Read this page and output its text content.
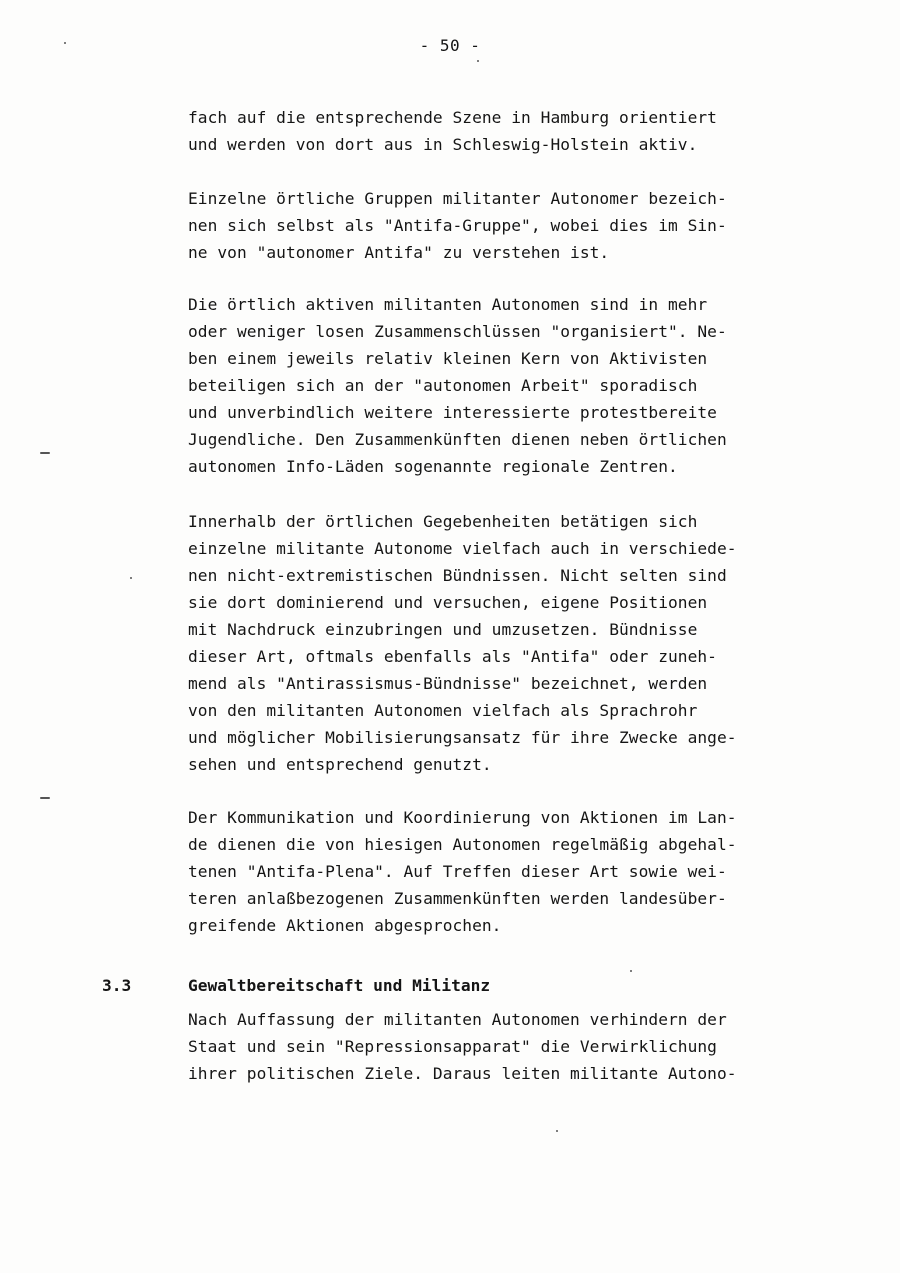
- 50 -
fach auf die entsprechende Szene in Hamburg orientiert
und werden von dort aus in Schleswig-Holstein aktiv.
Einzelne örtliche Gruppen militanter Autonomer bezeich-
nen sich selbst als "Antifa-Gruppe", wobei dies im Sin-
ne von "autonomer Antifa" zu verstehen ist.
Die örtlich aktiven militanten Autonomen sind in mehr
oder weniger losen Zusammenschlüssen "organisiert". Ne-
ben einem jeweils relativ kleinen Kern von Aktivisten
beteiligen sich an der "autonomen Arbeit" sporadisch
und unverbindlich weitere interessierte protestbereite
Jugendliche. Den Zusammenkünften dienen neben örtlichen
autonomen Info-Läden sogenannte regionale Zentren.
Innerhalb der örtlichen Gegebenheiten betätigen sich
einzelne militante Autonome vielfach auch in verschiede-
nen nicht-extremistischen Bündnissen. Nicht selten sind
sie dort dominierend und versuchen, eigene Positionen
mit Nachdruck einzubringen und umzusetzen. Bündnisse
dieser Art, oftmals ebenfalls als "Antifa" oder zuneh-
mend als "Antirassismus-Bündnisse" bezeichnet, werden
von den militanten Autonomen vielfach als Sprachrohr
und möglicher Mobilisierungsansatz für ihre Zwecke ange-
sehen und entsprechend genutzt.
Der Kommunikation und Koordinierung von Aktionen im Lan-
de dienen die von hiesigen Autonomen regelmäßig abgehal-
tenen "Antifa-Plena". Auf Treffen dieser Art sowie wei-
teren anlaßbezogenen Zusammenkünften werden landesüber-
greifende Aktionen abgesprochen.
3.3	Gewaltbereitschaft und Militanz
Nach Auffassung der militanten Autonomen verhindern der
Staat und sein "Repressionsapparat" die Verwirklichung
ihrer politischen Ziele. Daraus leiten militante Autono-
